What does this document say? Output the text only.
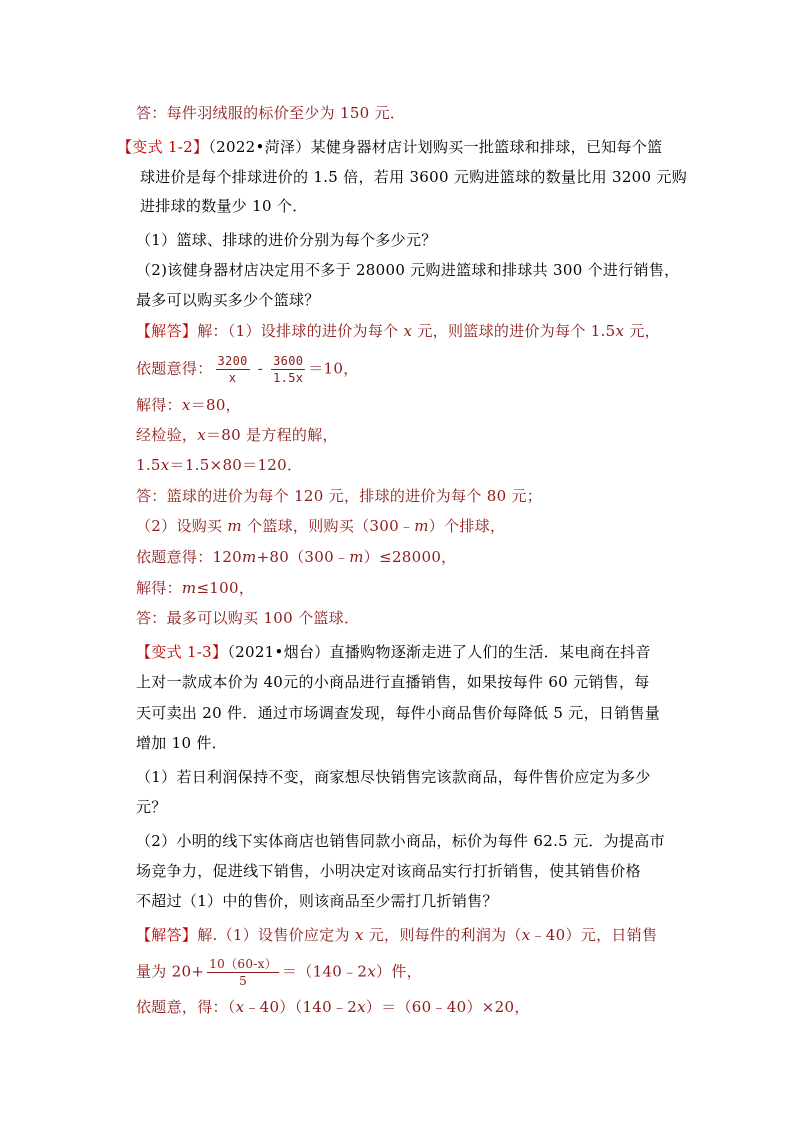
答：每件羽绒服的标价至少为 150 元．
【变式 1-2】（2022•菏泽）某健身器材店计划购买一批篮球和排球，已知每个篮
球进价是每个排球进价的 1.5 倍，若用 3600 元购进篮球的数量比用 3200 元购
进排球的数量少 10 个．
（1）篮球、排球的进价分别为每个多少元？
（2)该健身器材店决定用不多于 28000 元购进篮球和排球共 300 个进行销售，
最多可以购买多少个篮球？
【解答】解：（1）设排球的进价为每个 x 元，则篮球的进价为每个 1.5x 元，
依题意得： $\frac{3200}{x} - \frac{3600}{1.5x} =10$，
解得：x＝80，
经检验，x＝80 是方程的解，
1.5x＝1.5×80＝120．
答：篮球的进价为每个 120 元，排球的进价为每个 80 元；
（2）设购买 m 个篮球，则购买（300﹣m）个排球，
依题意得：120m+80（300﹣m）≤28000，
解得：m≤100，
答：最多可以购买 100 个篮球．
【变式 1-3】（2021•烟台）直播购物逐渐走进了人们的生活．某电商在抖音
上对一款成本价为 40元的小商品进行直播销售，如果按每件 60 元销售，每
天可卖出 20 件．通过市场调查发现，每件小商品售价每降低 5 元，日销售量
增加 10 件．
（1）若日利润保持不变，商家想尽快销售完该款商品，每件售价应定为多少
元？
（2）小明的线下实体商店也销售同款小商品，标价为每件 62.5 元．为提高市
场竞争力，促进线下销售，小明决定对该商品实行打折销售，使其销售价格
不超过（1）中的售价，则该商品至少需打几折销售？
【解答】解.（1）设售价应定为 x 元，则每件的利润为（x﹣40）元，日销售
量为 $20+ \frac{10(60-x)}{5}$ ＝（140﹣2x）件，
依题意，得：（x﹣40）（140﹣2x）＝（60﹣40）×20，
